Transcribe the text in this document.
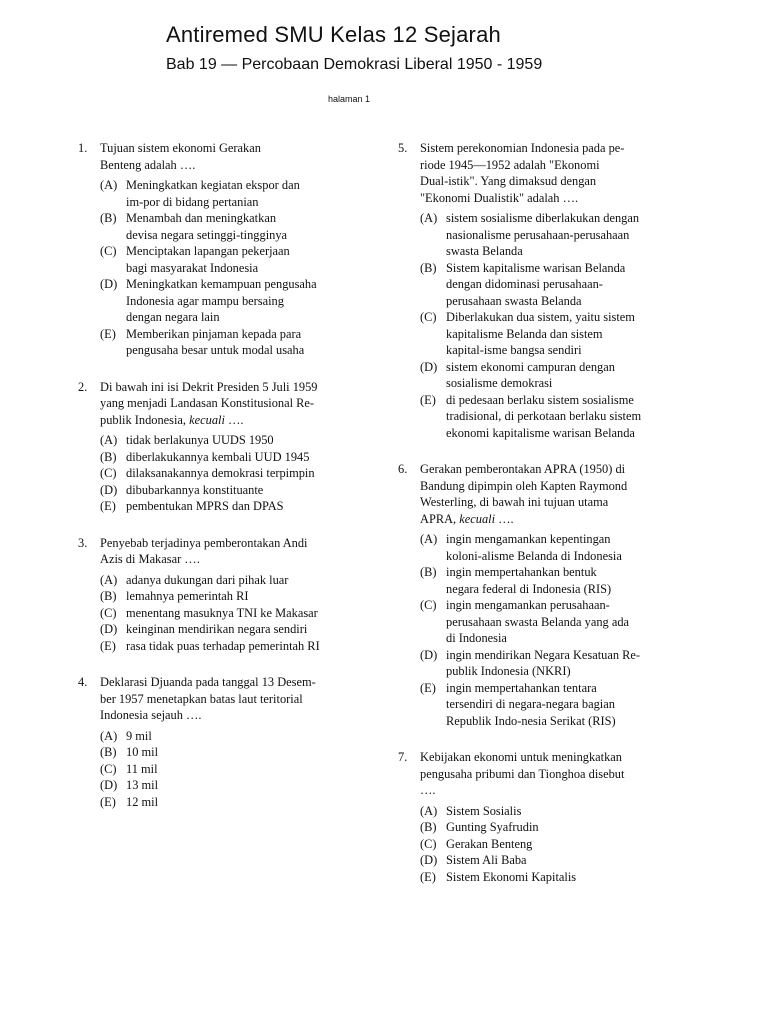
Antiremed SMU Kelas 12 Sejarah
Bab 19 — Percobaan Demokrasi Liberal 1950 - 1959
halaman 1
1.	Tujuan sistem ekonomi Gerakan
Benteng adalah ….
(A) Meningkatkan kegiatan ekspor dan
im-por di bidang pertanian
(B) Menambah dan meningkatkan
devisa negara setinggi-tingginya
(C) Menciptakan lapangan pekerjaan
bagi masyarakat Indonesia
(D) Meningkatkan kemampuan pengusaha
Indonesia agar mampu bersaing
dengan negara lain
(E) Memberikan pinjaman kepada para
pengusaha besar untuk modal usaha
2.	Di bawah ini isi Dekrit Presiden 5 Juli 1959
yang menjadi Landasan Konstitusional Re-
publik Indonesia, kecuali ….
(A) tidak berlakunya UUDS 1950
(B) diberlakukannya kembali UUD 1945
(C) dilaksanakannya demokrasi terpimpin
(D) dibubarkannya konstituante
(E) pembentukan MPRS dan DPAS
3.	Penyebab terjadinya pemberontakan Andi
Azis di Makasar ….
(A) adanya dukungan dari pihak luar
(B) lemahnya pemerintah RI
(C) menentang masuknya TNI ke Makasar
(D) keinginan mendirikan negara sendiri
(E) rasa tidak puas terhadap pemerintah RI
4.	Deklarasi Djuanda pada tanggal 13 Desem-
ber 1957 menetapkan batas laut teritorial
Indonesia sejauh ….
(A) 9 mil
(B) 10 mil
(C) 11 mil
(D) 13 mil
(E) 12 mil
5.	Sistem perekonomian Indonesia pada pe-
riode 1945—1952 adalah "Ekonomi
Dual-istik". Yang dimaksud dengan
"Ekonomi Dualistik" adalah ….
(A) sistem sosialisme diberlakukan dengan
nasionalisme perusahaan-perusahaan
swasta Belanda
(B) Sistem kapitalisme warisan Belanda
dengan didominasi perusahaan-
perusahaan swasta Belanda
(C) Diberlakukan dua sistem, yaitu sistem
kapitalisme Belanda dan sistem
kapital-isme bangsa sendiri
(D) sistem ekonomi campuran dengan
sosialisme demokrasi
(E) di pedesaan berlaku sistem sosialisme
tradisional, di perkotaan berlaku sistem
ekonomi kapitalisme warisan Belanda
6.	Gerakan pemberontakan APRA (1950) di
Bandung dipimpin oleh Kapten Raymond
Westerling, di bawah ini tujuan utama
APRA, kecuali ….
(A) ingin mengamankan kepentingan
koloni-alisme Belanda di Indonesia
(B) ingin mempertahankan bentuk
negara federal di Indonesia (RIS)
(C) ingin mengamankan perusahaan-
perusahaan swasta Belanda yang ada
di Indonesia
(D) ingin mendirikan Negara Kesatuan Re-
publik Indonesia (NKRI)
(E) ingin mempertahankan tentara
tersendiri di negara-negara bagian
Republik Indo-nesia Serikat (RIS)
7.	Kebijakan ekonomi untuk meningkatkan
pengusaha pribumi dan Tionghoa disebut
….
(A) Sistem Sosialis
(B) Gunting Syafrudin
(C) Gerakan Benteng
(D) Sistem Ali Baba
(E) Sistem Ekonomi Kapitalis
